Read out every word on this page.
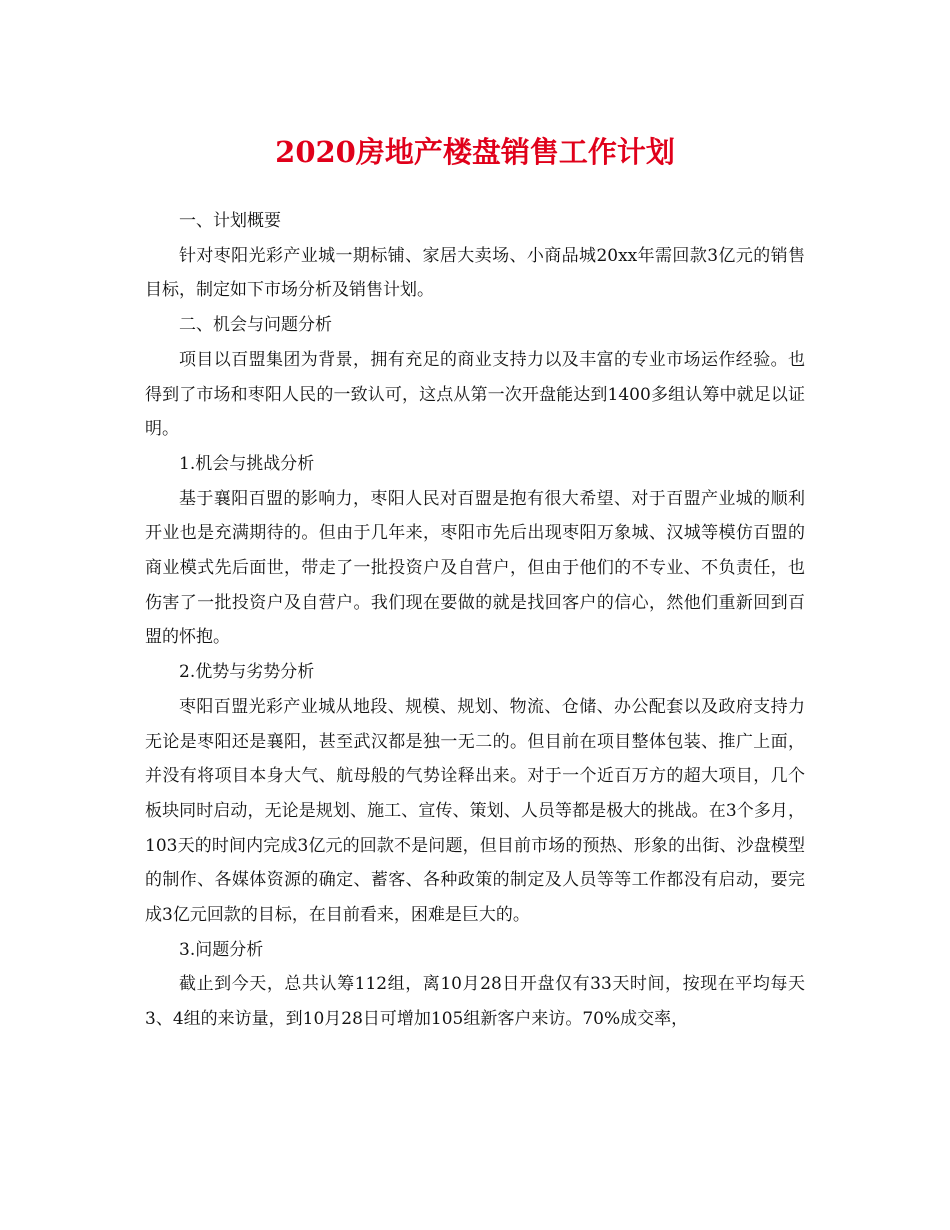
2020房地产楼盘销售工作计划

一、计划概要

针对枣阳光彩产业城一期标铺、家居大卖场、小商品城20xx年需回款3亿元的销售目标，制定如下市场分析及销售计划。

二、机会与问题分析

项目以百盟集团为背景，拥有充足的商业支持力以及丰富的专业市场运作经验。也得到了市场和枣阳人民的一致认可，这点从第一次开盘能达到1400多组认筹中就足以证明。

1.机会与挑战分析

基于襄阳百盟的影响力，枣阳人民对百盟是抱有很大希望、对于百盟产业城的顺利开业也是充满期待的。但由于几年来，枣阳市先后出现枣阳万象城、汉城等模仿百盟的商业模式先后面世，带走了一批投资户及自营户，但由于他们的不专业、不负责任，也伤害了一批投资户及自营户。我们现在要做的就是找回客户的信心，然他们重新回到百盟的怀抱。

2.优势与劣势分析

枣阳百盟光彩产业城从地段、规模、规划、物流、仓储、办公配套以及政府支持力无论是枣阳还是襄阳，甚至武汉都是独一无二的。但目前在项目整体包装、推广上面，并没有将项目本身大气、航母般的气势诠释出来。对于一个近百万方的超大项目，几个板块同时启动，无论是规划、施工、宣传、策划、人员等都是极大的挑战。在3个多月，103天的时间内完成3亿元的回款不是问题，但目前市场的预热、形象的出街、沙盘模型的制作、各媒体资源的确定、蓄客、各种政策的制定及人员等等工作都没有启动，要完成3亿元回款的目标，在目前看来，困难是巨大的。

3.问题分析

截止到今天，总共认筹112组，离10月28日开盘仅有33天时间，按现在平均每天3、4组的来访量，到10月28日可增加105组新客户来访。70%成交率，
